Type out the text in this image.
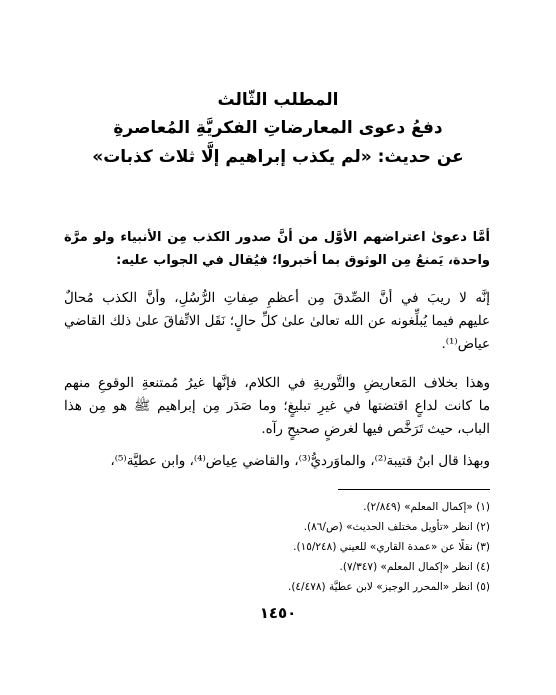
المطلب الثّالث
دفعُ دعوى المعارضاتِ الفكريَّةِ المُعاصرةِ
عن حديث: «لم يكذب إبراهيم إلَّا ثلاث كذبات»
أمَّا دعوىٰ اعتراضهم الأوَّل من أنَّ صدور الكذب مِن الأنبياء ولو مرَّة
واحدة، يَمنعُ مِن الوثوق بما أخبروا؛ فيُقال في الجواب عليه:
إنَّه لا ريبَ في أنَّ الصِّدقَ مِن أعظمِ صِفاتِ الرُّسُلِ، وأنَّ الكذب مُحالٌ
عليهم فيما يُبلِّغونه عن الله تعالىٰ علىٰ كلِّ حالٍ؛ نَقَل الاتِّفاقَ علىٰ ذلك القاضي
عياض⁽¹⁾.
وهذا بخلاف المَعاريضِ والتَّوريةِ في الكلام، فإنَّها غيرُ مُمتنعةِ الوقوعِ منهم
ما كانت لداعٍ اقتضتها في غيرِ تبليغٍ؛ وما صَدَر مِن إبراهيم ﷺ هو مِن هذا
الباب، حيث تَرَخَّص فيها لغرضٍ صحيحٍ رآه.
وبهذا قال ابنُ قتيبة⁽²⁾، والماوَرديُّ⁽³⁾، والقاضي عِياض⁽⁴⁾، وابن عطيَّة⁽⁵⁾،
(١) «إكمال المعلم» (٢/٨٤٩).
(٢) انظر «تأويل مختلف الحديث» (ص/٨٦).
(٣) نقلًا عن «عمدة القاري» للعيني (١٥/٢٤٨).
(٤) انظر «إكمال المعلم» (٧/٣٤٧).
(٥) انظر «المحرر الوجيز» لابن عطيَّة (٤/٤٧٨).
١٤٥٠
